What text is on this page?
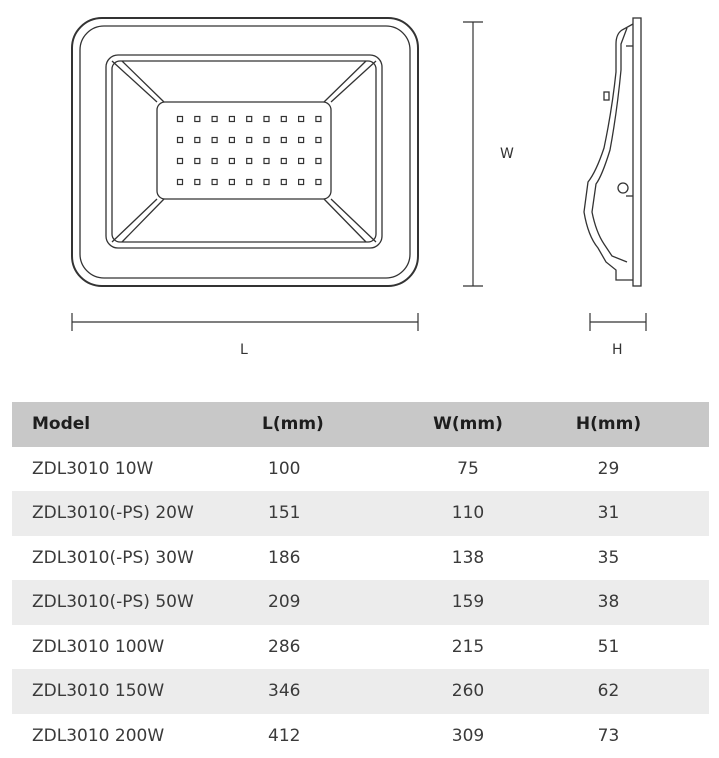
W
L	H
Model	L(mm)	W(mm)	H(mm)
ZDL3010 10W	100	75	29
ZDL3010(-PS) 20W	151	110	31
ZDL3010(-PS) 30W	186	138	35
ZDL3010(-PS) 50W	209	159	38
ZDL3010 100W	286	215	51
ZDL3010 150W	346	260	62
ZDL3010 200W	412	309	73
